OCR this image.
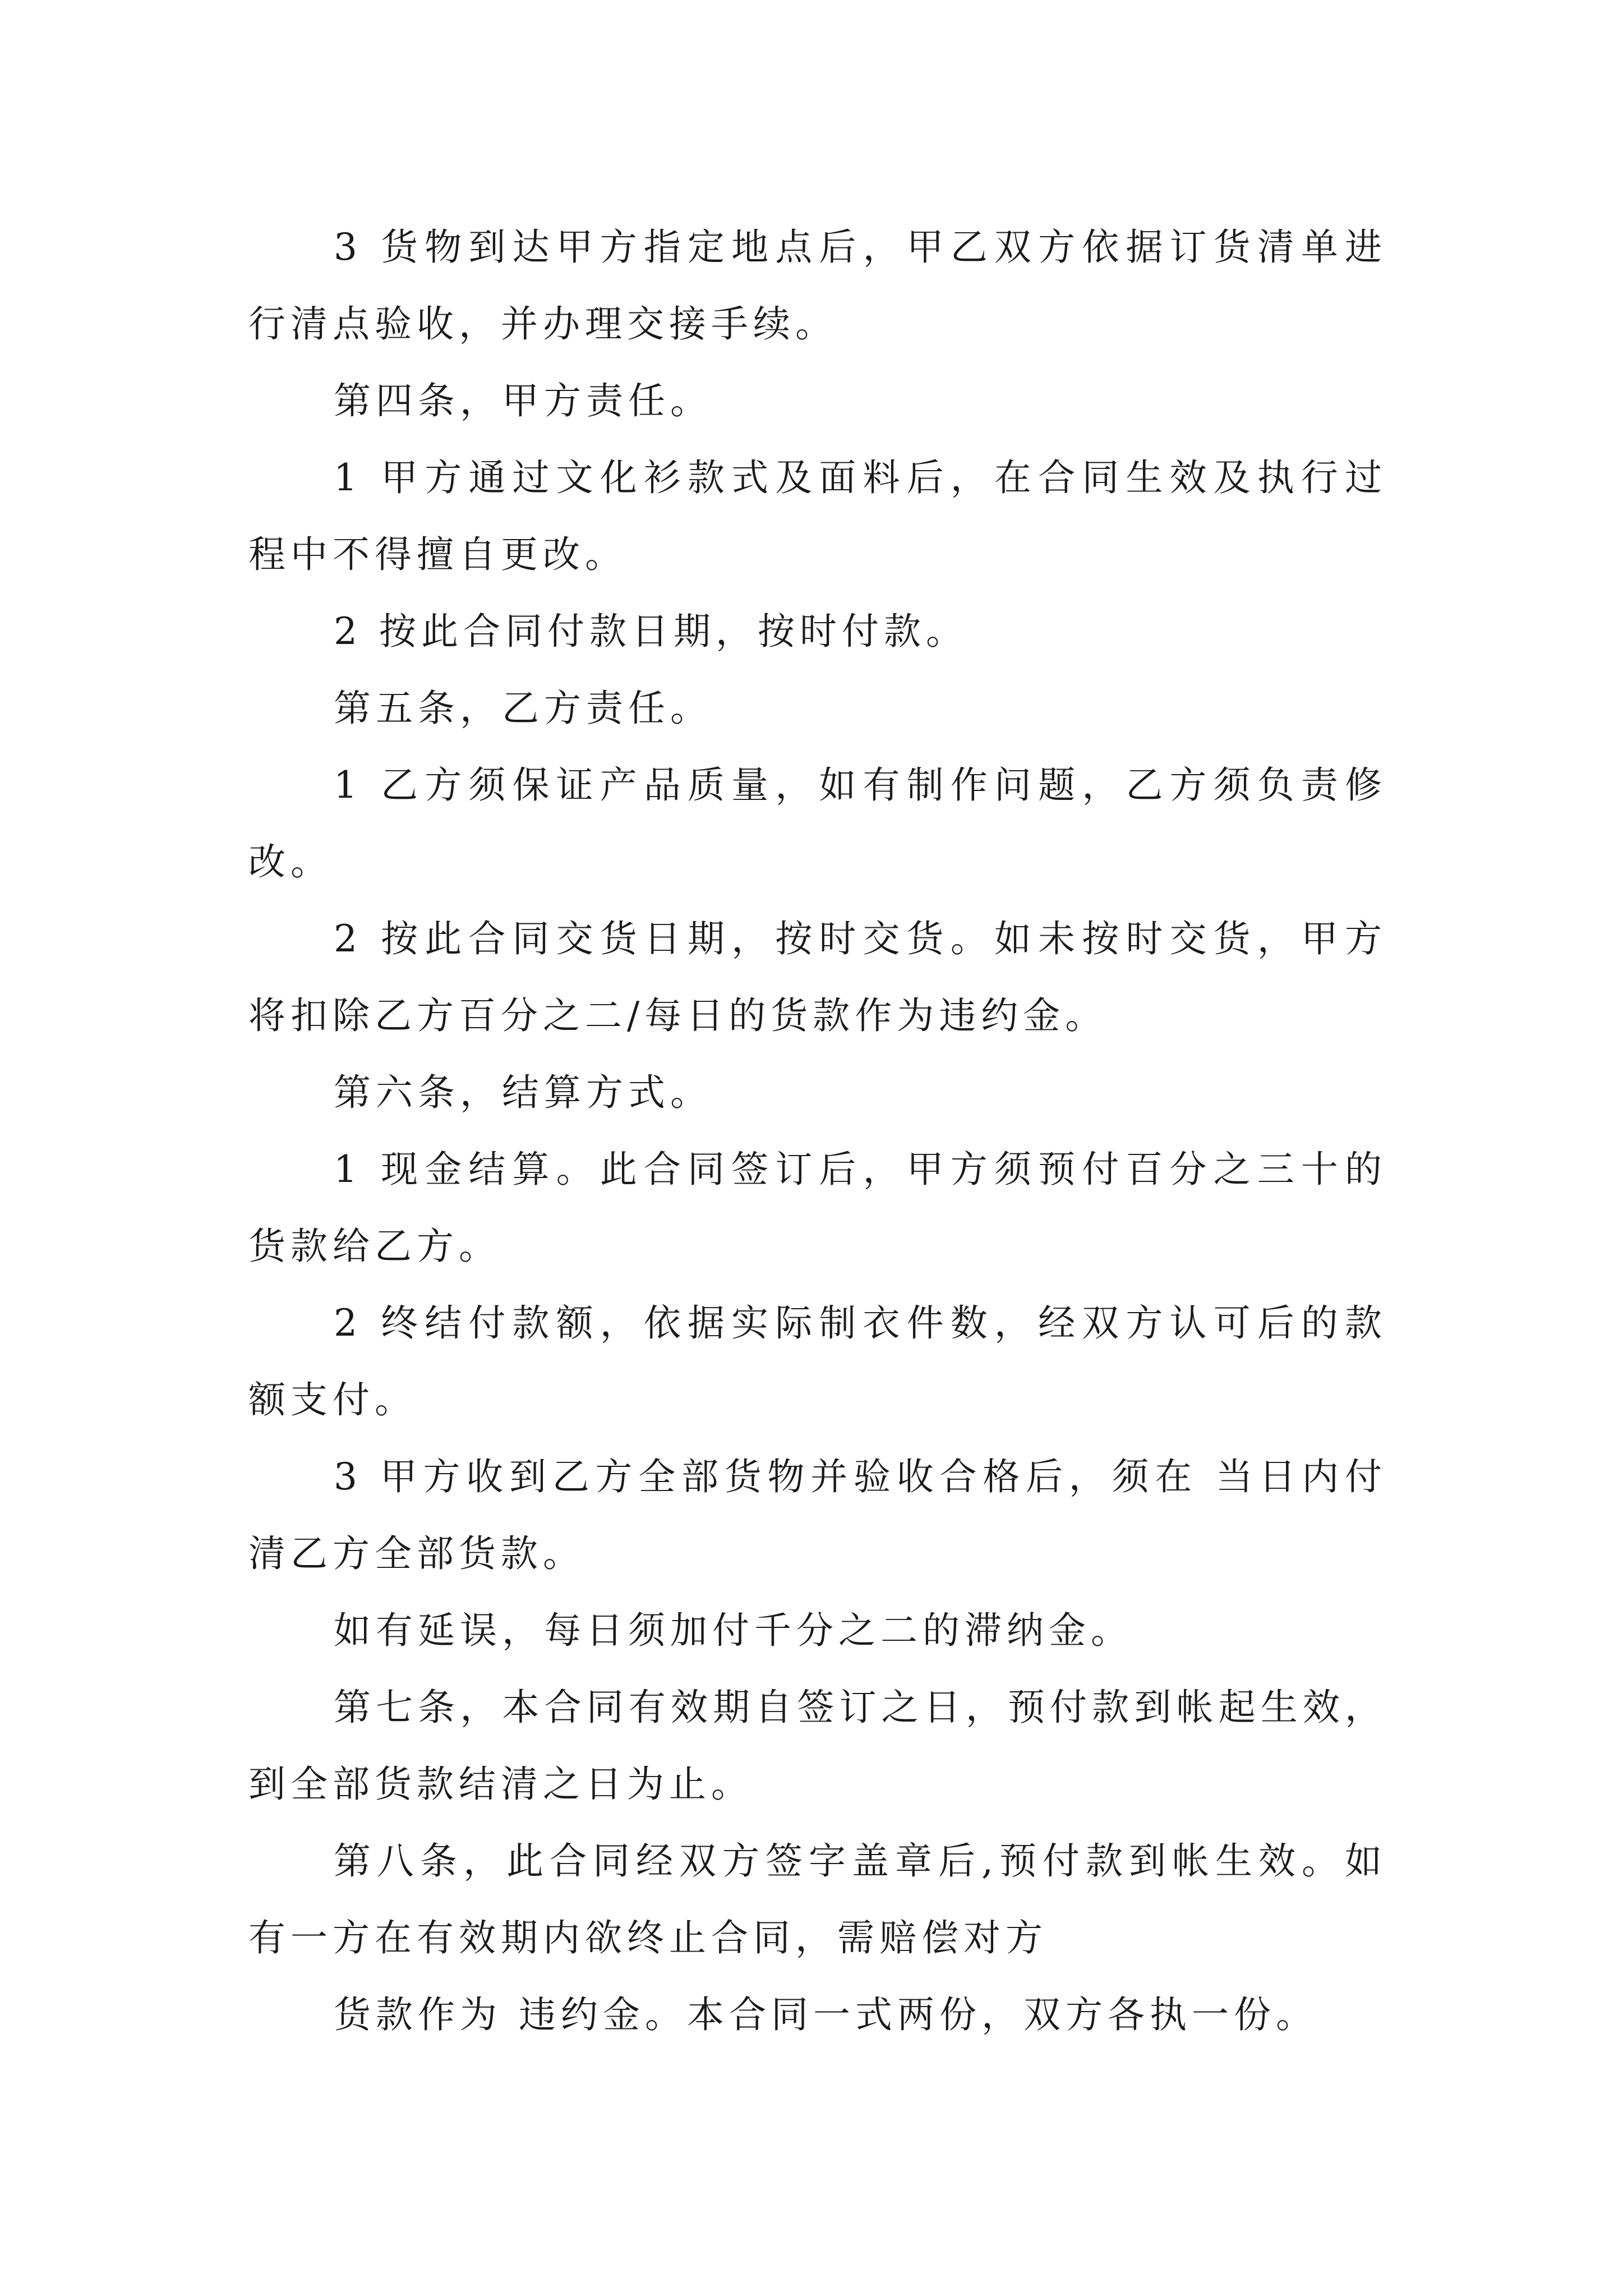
3 货物到达甲方指定地点后，甲乙双方依据订货清单进行清点验收，并办理交接手续。

第四条，甲方责任。

1 甲方通过文化衫款式及面料后，在合同生效及执行过程中不得擅自更改。

2 按此合同付款日期，按时付款。

第五条，乙方责任。

1 乙方须保证产品质量，如有制作问题，乙方须负责修改。

2 按此合同交货日期，按时交货。如未按时交货，甲方将扣除乙方百分之二/每日的货款作为违约金。

第六条，结算方式。

1 现金结算。此合同签订后，甲方须预付百分之三十的货款给乙方。

2 终结付款额，依据实际制衣件数，经双方认可后的款额支付。

3 甲方收到乙方全部货物并验收合格后，须在 当日内付清乙方全部货款。

如有延误，每日须加付千分之二的滞纳金。

第七条，本合同有效期自签订之日，预付款到帐起生效，到全部货款结清之日为止。

第八条，此合同经双方签字盖章后,预付款到帐生效。如有一方在有效期内欲终止合同，需赔偿对方

货款作为 违约金。本合同一式两份，双方各执一份。
